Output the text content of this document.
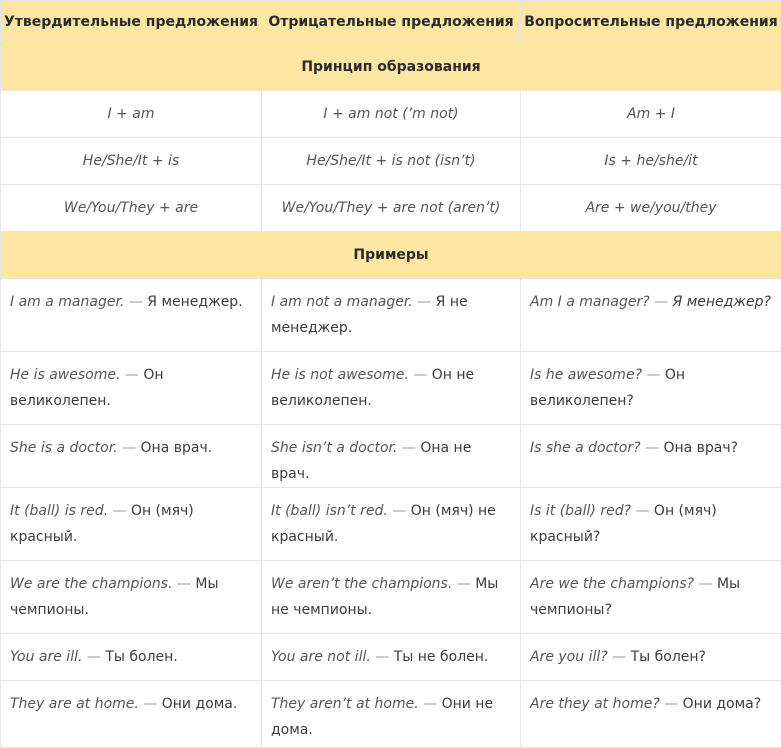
Утвердительные предложения	Отрицательные предложения	Вопросительные предложения
Принцип образования		
I + am	I + am not (’m not)	Am + I
He/She/It + is	He/She/It + is not (isn’t)	Is + he/she/it
We/You/They + are	We/You/They + are not (aren’t)	Are + we/you/they
Примеры		
I am a manager. — Я менеджер.	I am not a manager. — Я не менеджер.	Am I a manager? — Я менеджер?
He is awesome. — Он великолепен.	He is not awesome. — Он не великолепен.	Is he awesome? — Он великолепен?
She is a doctor. — Она врач.	She isn’t a doctor. — Она не врач.	Is she a doctor? — Она врач?
It (ball) is red. — Он (мяч) красный.	It (ball) isn’t red. — Он (мяч) не красный.	Is it (ball) red? — Он (мяч) красный?
We are the champions. — Мы чемпионы.	We aren’t the champions. — Мы не чемпионы.	Are we the champions? — Мы чемпионы?
You are ill. — Ты болен.	You are not ill. — Ты не болен.	Are you ill? — Ты болен?
They are at home. — Они дома.	They aren’t at home. — Они не дома.	Are they at home? — Они дома?
